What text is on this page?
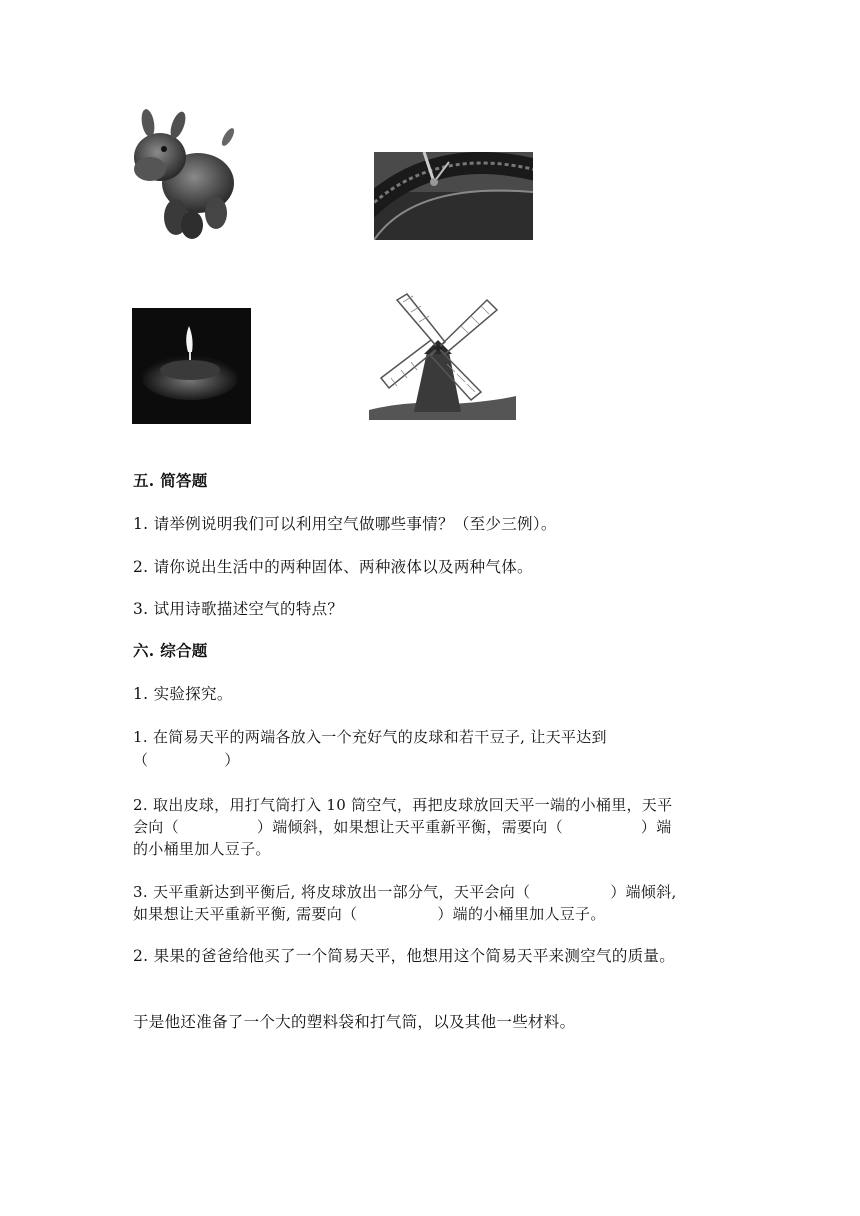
五. 简答题
1. 请举例说明我们可以利用空气做哪些事情？（至少三例）。
2. 请你说出生活中的两种固体、两种液体以及两种气体。
3. 试用诗歌描述空气的特点？
六. 综合题
1. 实验探究。
1. 在简易天平的两端各放入一个充好气的皮球和若干豆子, 让天平达到
（	）
2. 取出皮球，用打气筒打入 10 筒空气，再把皮球放回天平一端的小桶里，天平
会向（	）端倾斜，如果想让天平重新平衡，需要向（	）端
的小桶里加人豆子。
3. 天平重新达到平衡后, 将皮球放出一部分气，天平会向（	）端倾斜,
如果想让天平重新平衡, 需要向（	）端的小桶里加人豆子。
2. 果果的爸爸给他买了一个简易天平，他想用这个简易天平来测空气的质量。
于是他还准备了一个大的塑料袋和打气筒，以及其他一些材料。
